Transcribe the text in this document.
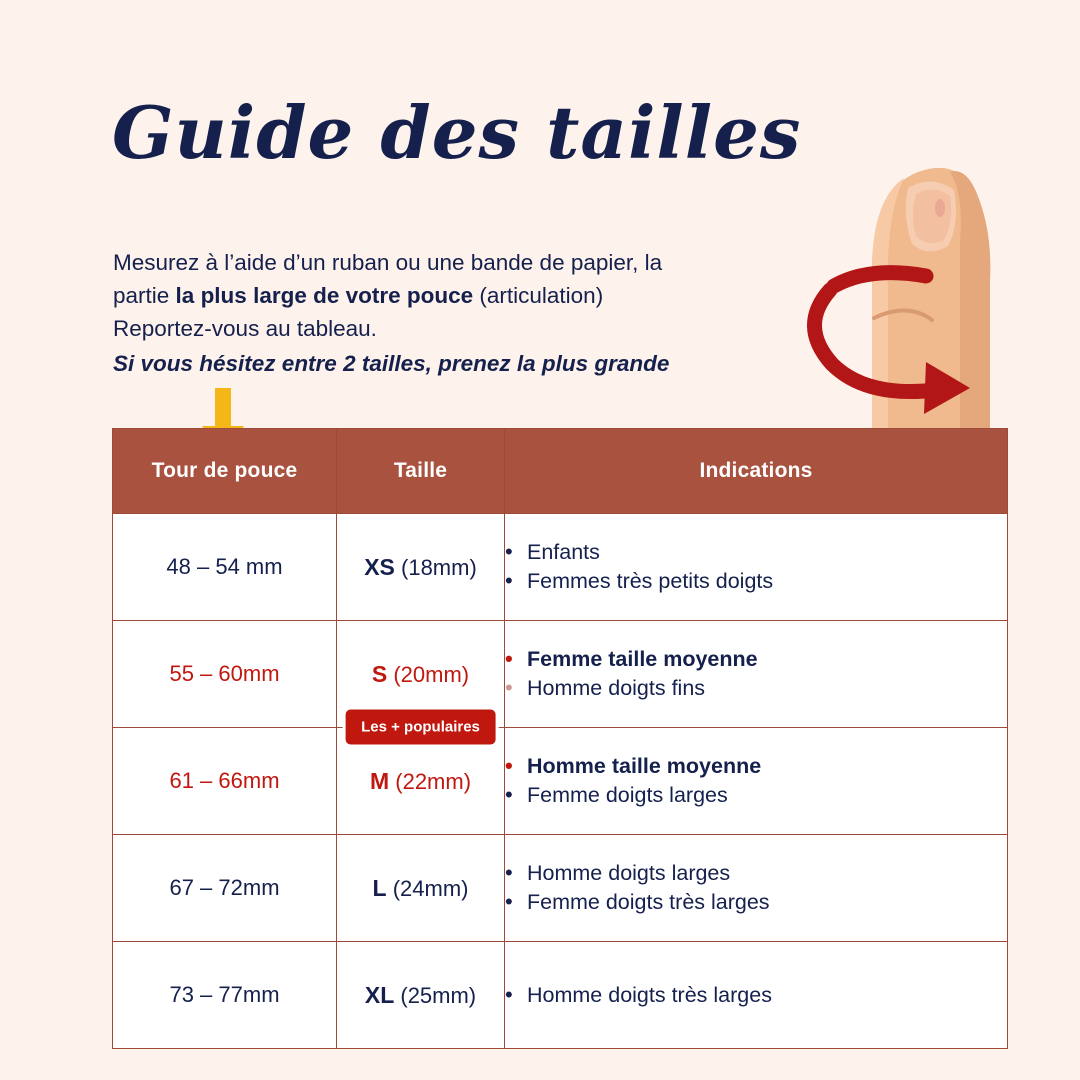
Guide des tailles
Mesurez à l’aide d’un ruban ou une bande de papier, la
partie la plus large de votre pouce (articulation)
Reportez-vous au tableau.
Si vous hésitez entre 2 tailles, prenez la plus grande
Tour de pouce	Taille	Indications
48 – 54 mm	XS (18mm)	
• Enfants
• Femmes très petits doigts

55 – 60mm	S (20mm)
Les + populaires

• Femme taille moyenne
• Homme doigts fins

61 – 66mm	M (22mm)	
• Homme taille moyenne
• Femme doigts larges

67 – 72mm	L (24mm)	
• Homme doigts larges
• Femme doigts très larges

73 – 77mm	XL (25mm)	
•Homme doigts très larges
